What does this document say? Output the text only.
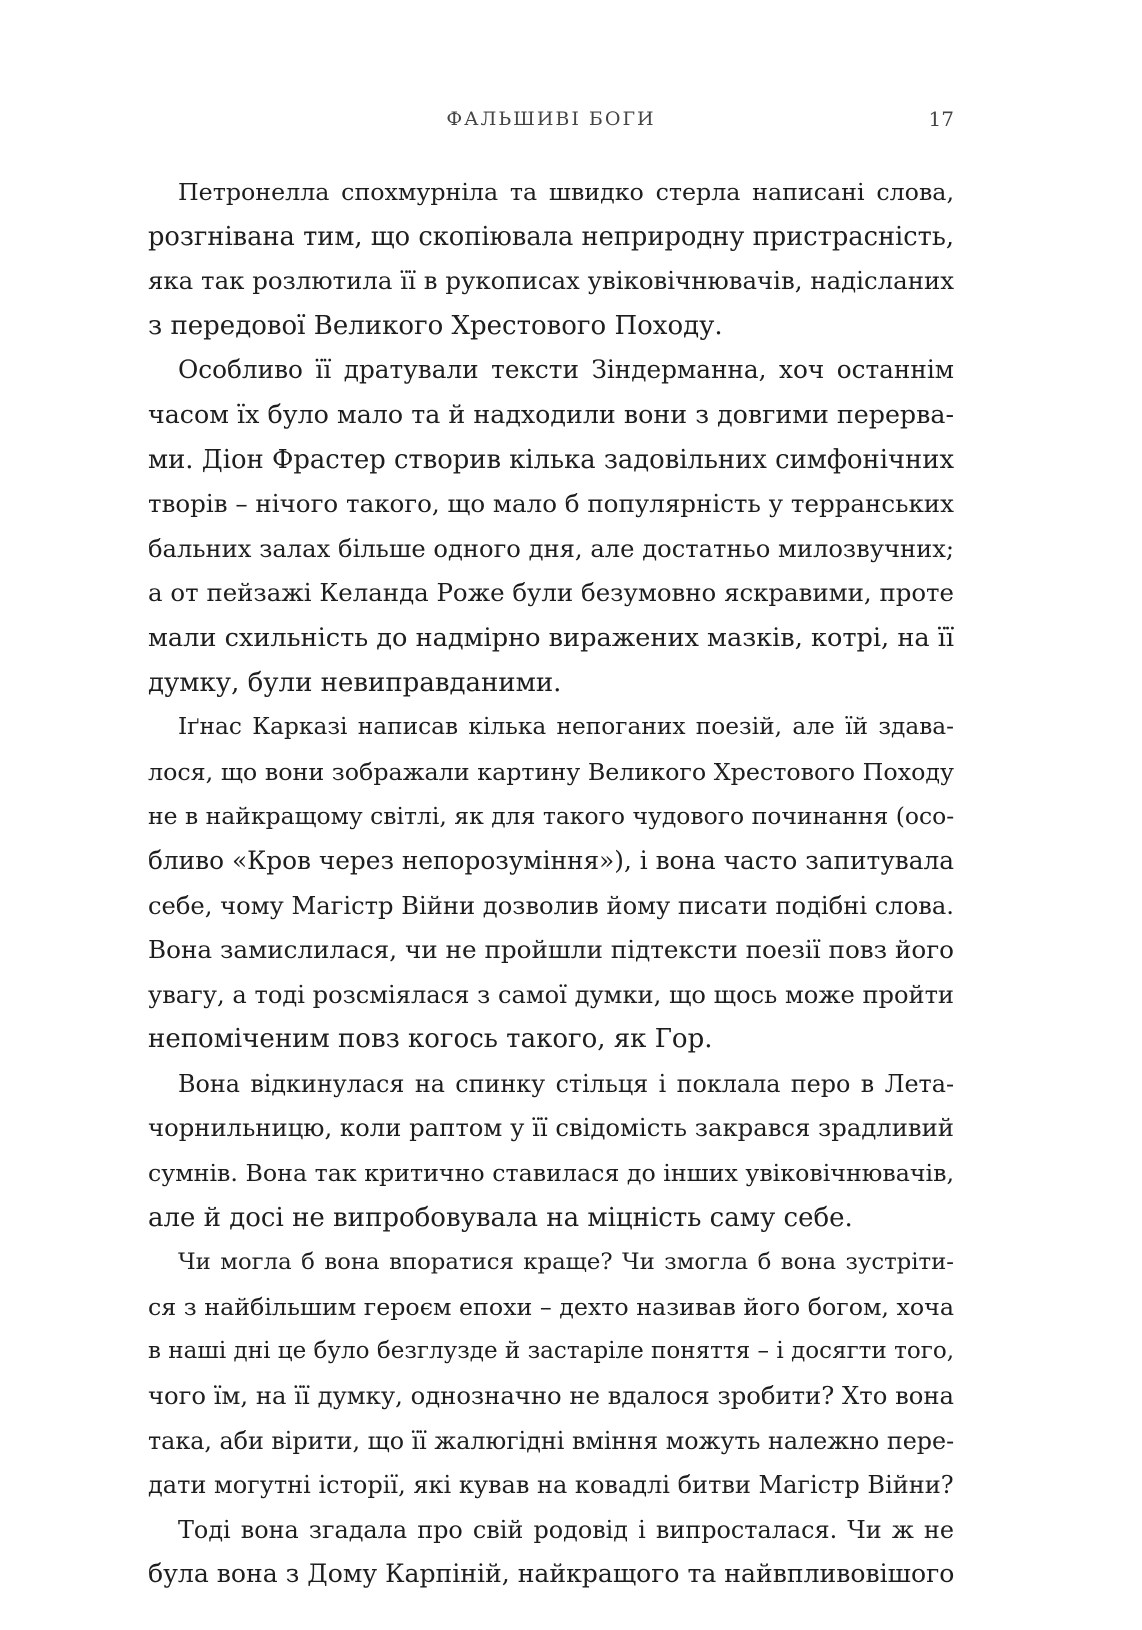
ФАЛЬШИВІ БОГИ	17
Петронелла спохмурніла та швидко стерла написані слова,
розгнівана тим, що скопіювала неприродну пристрасність,
яка так розлютила її в рукописах увіковічнювачів, надісланих
з передової Великого Хрестового Походу.
Особливо її дратували тексти Зіндерманна, хоч останнім
часом їх було мало та й надходили вони з довгими перерва-
ми. Діон Фрастер створив кілька задовільних симфонічних
творів – нічого такого, що мало б популярність у терранських
бальних залах більше одного дня, але достатньо милозвучних;
а от пейзажі Келанда Роже були безумовно яскравими, проте
мали схильність до надмірно виражених мазків, котрі, на її
думку, були невиправданими.
Іґнас Карказі написав кілька непоганих поезій, але їй здава-
лося, що вони зображали картину Великого Хрестового Походу
не в найкращому світлі, як для такого чудового починання (осо-
бливо «Кров через непорозуміння»), і вона часто запитувала
себе, чому Магістр Війни дозволив йому писати подібні слова.
Вона замислилася, чи не пройшли підтексти поезії повз його
увагу, а тоді розсміялася з самої думки, що щось може пройти
непоміченим повз когось такого, як Гор.
Вона відкинулася на спинку стільця і поклала перо в Лета-
чорнильницю, коли раптом у її свідомість закрався зрадливий
сумнів. Вона так критично ставилася до інших увіковічнювачів,
але й досі не випробовувала на міцність саму себе.
Чи могла б вона впоратися краще? Чи змогла б вона зустріти-
ся з найбільшим героєм епохи – дехто називав його богом, хоча
в наші дні це було безглузде й застаріле поняття – і досягти того,
чого їм, на її думку, однозначно не вдалося зробити? Хто вона
така, аби вірити, що її жалюгідні вміння можуть належно пере-
дати могутні історії, які кував на ковадлі битви Магістр Війни?
Тоді вона згадала про свій родовід і випросталася. Чи ж не
була вона з Дому Карпіній, найкращого та найвпливовішого
